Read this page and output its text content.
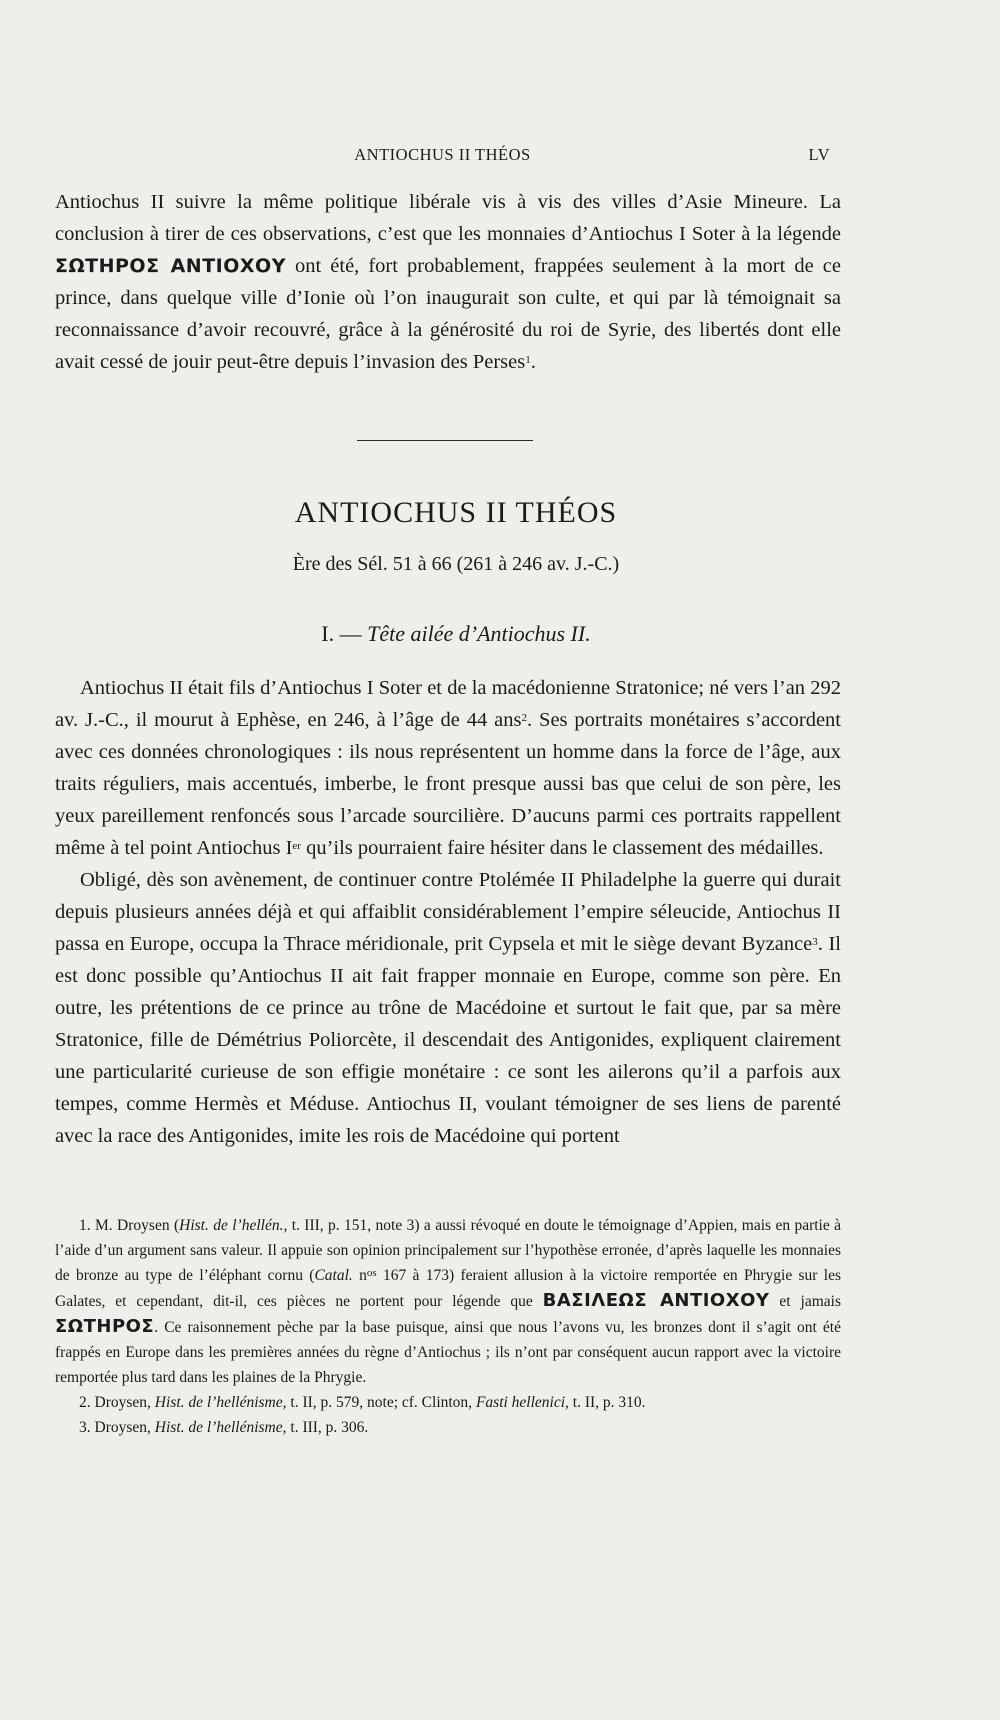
ANTIOCHUS II THÉOS	LV

Antiochus II suivre la même politique libérale vis à vis des villes d’Asie Mineure. La conclusion à tirer de ces observations, c’est que les monnaies d’Antiochus I Soter à la légende ΣΩΤΗΡΟΣ ΑΝΤΙΟΧΟΥ ont été, fort probablement, frappées seulement à la mort de ce prince, dans quelque ville d’Ionie où l’on inaugurait son culte, et qui par là témoignait sa reconnaissance d’avoir recouvré, grâce à la générosité du roi de Syrie, des libertés dont elle avait cessé de jouir peut-être depuis l’invasion des Perses$^1$.

ANTIOCHUS II THÉOS
Ère des Sél. 51 à 66 (261 à 246 av. J.-C.)
I. — Tête ailée d’Antiochus II.

Antiochus II était fils d’Antiochus I Soter et de la macédonienne Stratonice; né vers l’an 292 av. J.-C., il mourut à Ephèse, en 246, à l’âge de 44 ans$^2$. Ses portraits monétaires s’accordent avec ces données chronologiques : ils nous représentent un homme dans la force de l’âge, aux traits réguliers, mais accentués, imberbe, le front presque aussi bas que celui de son père, les yeux pareillement renfoncés sous l’arcade sourcilière. D’aucuns parmi ces portraits rappellent même à tel point Antiochus Ier qu’ils pourraient faire hésiter dans le classement des médailles.

Obligé, dès son avènement, de continuer contre Ptolémée II Philadelphe la guerre qui durait depuis plusieurs années déjà et qui affaiblit considérablement l’empire séleucide, Antiochus II passa en Europe, occupa la Thrace méridionale, prit Cypsela et mit le siège devant Byzance$^3$. Il est donc possible qu’Antiochus II ait fait frapper monnaie en Europe, comme son père. En outre, les prétentions de ce prince au trône de Macédoine et surtout le fait que, par sa mère Stratonice, fille de Démétrius Poliorcète, il descendait des Antigonides, expliquent clairement une particularité curieuse de son effigie monétaire : ce sont les ailerons qu’il a parfois aux tempes, comme Hermès et Méduse. Antiochus II, voulant témoigner de ses liens de parenté avec la race des Antigonides, imite les rois de Macédoine qui portent

1. M. Droysen (Hist. de l’hellén., t. III, p. 151, note 3) a aussi révoqué en doute le témoignage d’Appien, mais en partie à l’aide d’un argument sans valeur. Il appuie son opinion principalement sur l’hypothèse erronée, d’après laquelle les monnaies de bronze au type de l’éléphant cornu (Catal. $n^{os}$ 167 à 173) feraient allusion à la victoire remportée en Phrygie sur les Galates, et cependant, dit-il, ces pièces ne portent pour légende que ΒΑΣΙΛΕΩΣ ΑΝΤΙΟΧΟΥ et jamais ΣΩΤΗΡΟΣ. Ce raisonnement pèche par la base puisque, ainsi que nous l’avons vu, les bronzes dont il s’agit ont été frappés en Europe dans les premières années du règne d’Antiochus ; ils n’ont par conséquent aucun rapport avec la victoire remportée plus tard dans les plaines de la Phrygie.

2. Droysen, Hist. de l’hellénisme, t. II, p. 579, note; cf. Clinton, Fasti hellenici, t. II, p. 310.

3. Droysen, Hist. de l’hellénisme, t. III, p. 306.
